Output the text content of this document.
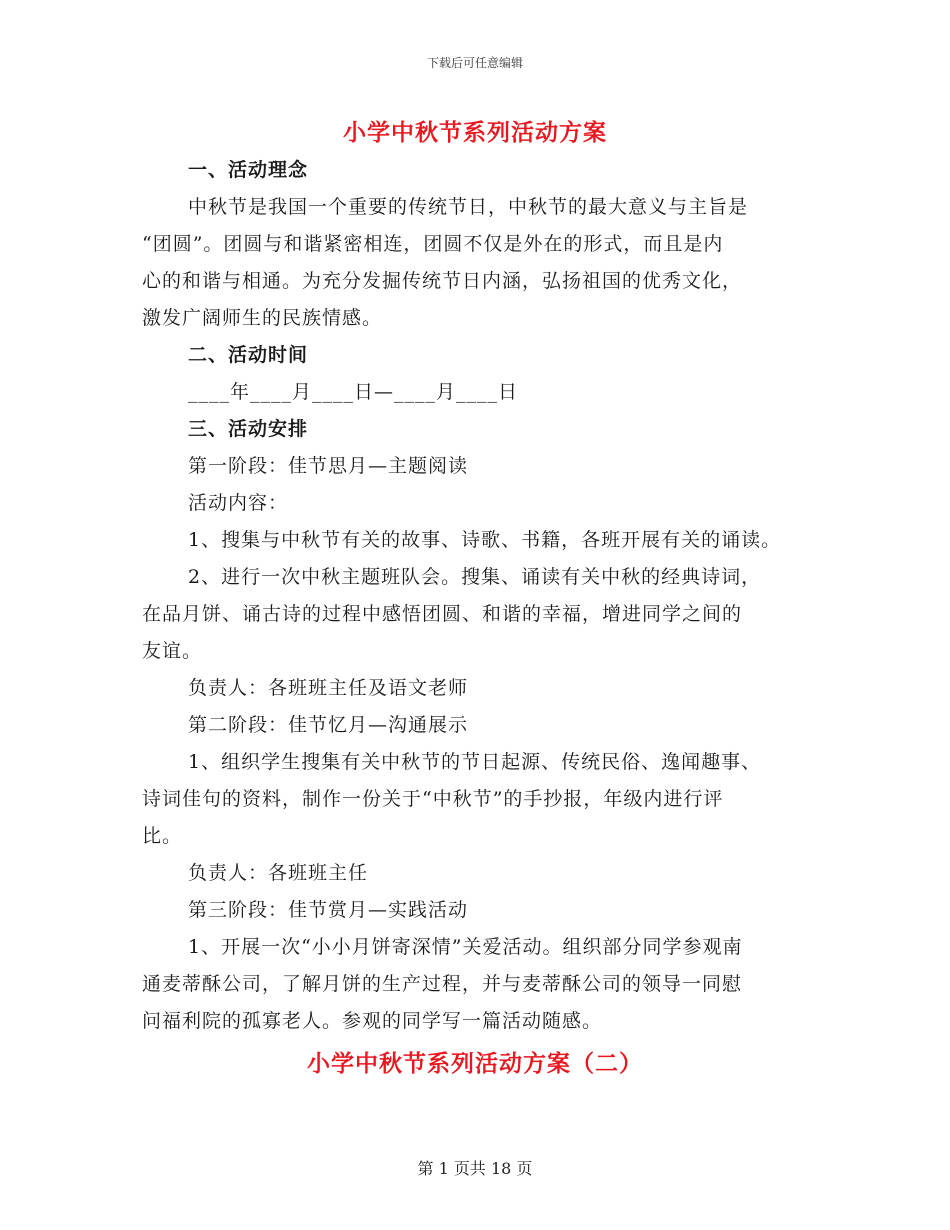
下载后可任意编辑
小学中秋节系列活动方案
一、活动理念
中秋节是我国一个重要的传统节日，中秋节的最大意义与主旨是
“团圆”。团圆与和谐紧密相连，团圆不仅是外在的形式，而且是内
心的和谐与相通。为充分发掘传统节日内涵，弘扬祖国的优秀文化，
激发广阔师生的民族情感。
二、活动时间
____年____月____日—____月____日
三、活动安排
第一阶段：佳节思月—主题阅读
活动内容：
1、搜集与中秋节有关的故事、诗歌、书籍，各班开展有关的诵读。
2、进行一次中秋主题班队会。搜集、诵读有关中秋的经典诗词，
在品月饼、诵古诗的过程中感悟团圆、和谐的幸福，增进同学之间的
友谊。
负责人：各班班主任及语文老师
第二阶段：佳节忆月—沟通展示
1、组织学生搜集有关中秋节的节日起源、传统民俗、逸闻趣事、
诗词佳句的资料，制作一份关于“中秋节”的手抄报，年级内进行评
比。
负责人：各班班主任
第三阶段：佳节赏月—实践活动
1、开展一次“小小月饼寄深情”关爱活动。组织部分同学参观南
通麦蒂酥公司，了解月饼的生产过程，并与麦蒂酥公司的领导一同慰
问福利院的孤寡老人。参观的同学写一篇活动随感。
小学中秋节系列活动方案（二）
第 1 页共 18 页
